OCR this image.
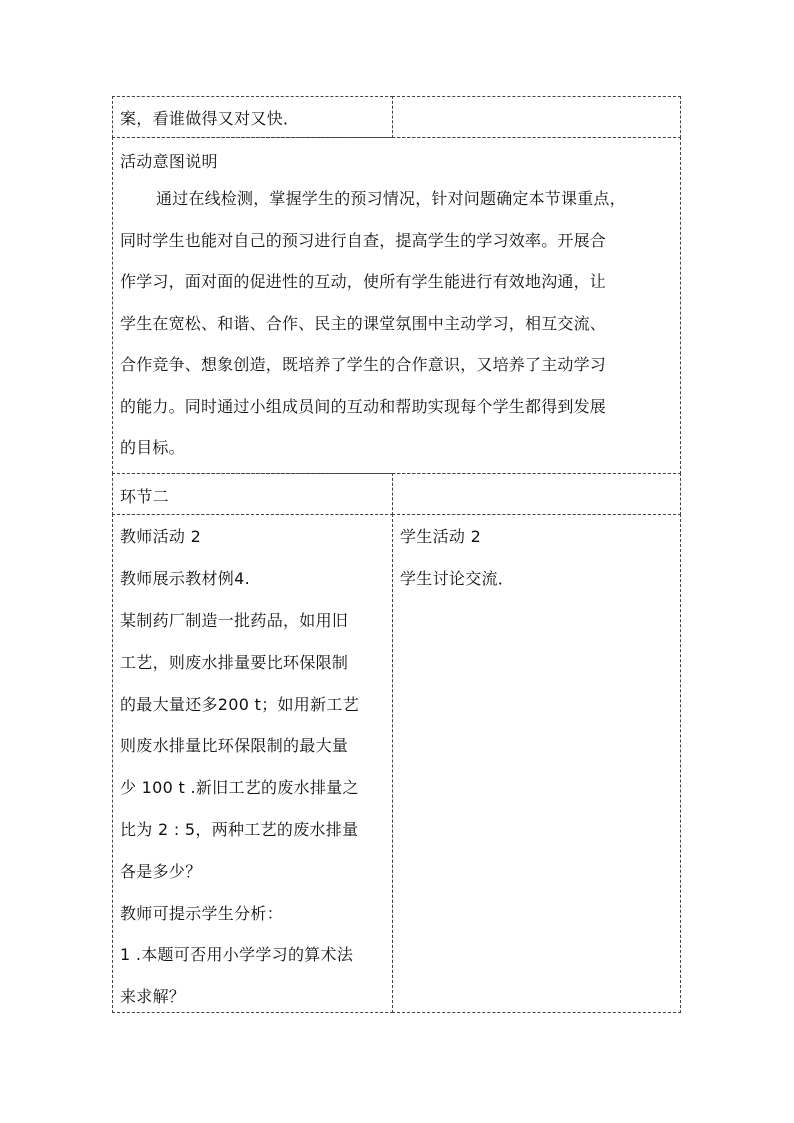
案，看谁做得又对又快．
活动意图说明
通过在线检测，掌握学生的预习情况，针对问题确定本节课重点，
同时学生也能对自己的预习进行自查，提高学生的学习效率。开展合
作学习，面对面的促进性的互动，使所有学生能进行有效地沟通，让
学生在宽松、和谐、合作、民主的课堂氛围中主动学习，相互交流、
合作竞争、想象创造，既培养了学生的合作意识，又培养了主动学习
的能力。同时通过小组成员间的互动和帮助实现每个学生都得到发展
的目标。
环节二
教师活动 2
教师展示教材例4.
某制药厂制造一批药品，如用旧
工艺，则废水排量要比环保限制
的最大量还多200 t；如用新工艺
则废水排量比环保限制的最大量
少 100 t .新旧工艺的废水排量之
比为 2 : 5，两种工艺的废水排量
各是多少？
教师可提示学生分析：
1 .本题可否用小学学习的算术法
来求解？
学生活动 2
学生讨论交流．
